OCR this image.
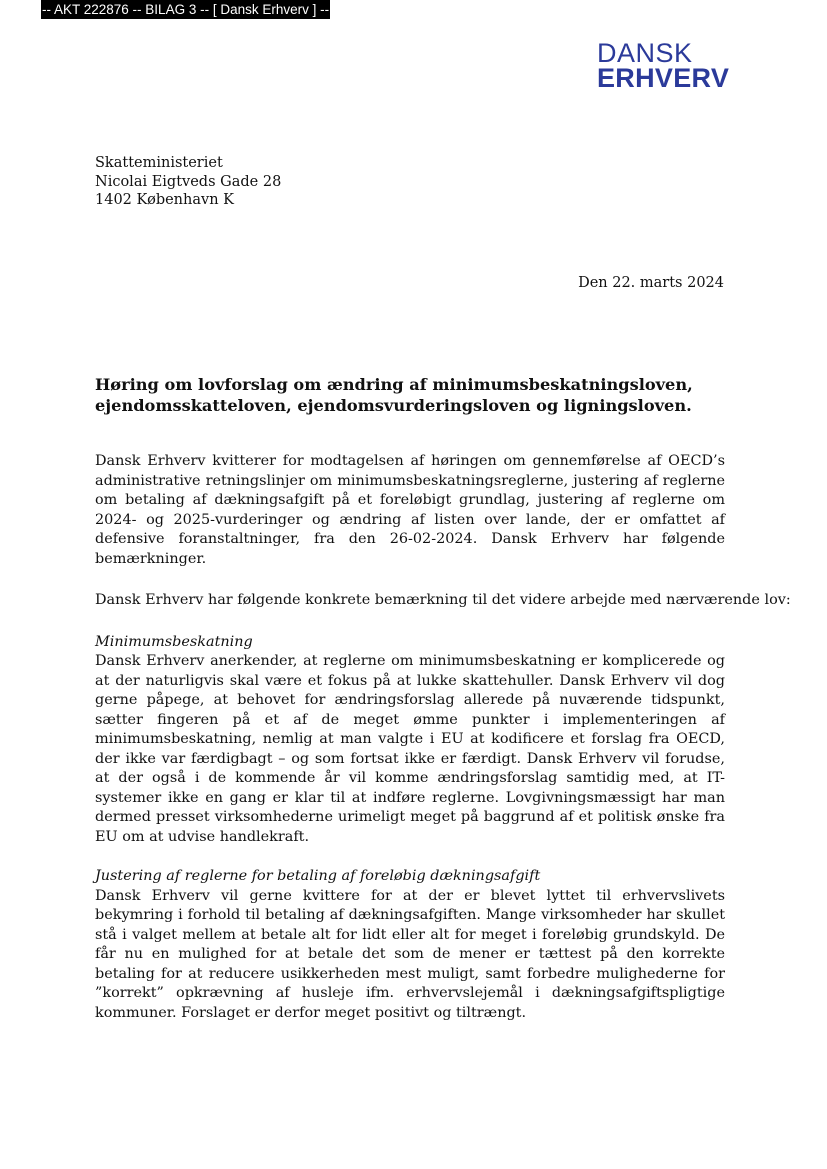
-- AKT 222876 -- BILAG 3 -- [ Dansk Erhverv ] --
DANSK
ERHVERV
Skatteministeriet
Nicolai Eigtveds Gade 28
1402 København K
Den 22. marts 2024
Høring om lovforslag om ændring af minimumsbeskatningsloven, ejendomsskatteloven, ejendomsvurderingsloven og ligningsloven.

Dansk Erhverv kvitterer for modtagelsen af høringen om gennemførelse af OECD’s administrative retningslinjer om minimumsbeskatningsreglerne, justering af reglerne om betaling af dækningsafgift på et foreløbigt grundlag, justering af reglerne om 2024- og 2025-vurderinger og ændring af listen over lande, der er omfattet af defensive foranstaltninger, fra den 26-02-2024. Dansk Erhverv har følgende bemærkninger.

Dansk Erhverv har følgende konkrete bemærkning til det videre arbejde med nærværende lov:

Minimumsbeskatning

Dansk Erhverv anerkender, at reglerne om minimumsbeskatning er komplicerede og at der naturligvis skal være et fokus på at lukke skattehuller. Dansk Erhverv vil dog gerne påpege, at behovet for ændringsforslag allerede på nuværende tidspunkt, sætter fingeren på et af de meget ømme punkter i implementeringen af minimumsbeskatning, nemlig at man valgte i EU at kodificere et forslag fra OECD, der ikke var færdigbagt – og som fortsat ikke er færdigt. Dansk Erhverv vil forudse, at der også i de kommende år vil komme ændringsforslag samtidig med, at IT-systemer ikke en gang er klar til at indføre reglerne. Lovgivningsmæssigt har man dermed presset virksomhederne urimeligt meget på baggrund af et politisk ønske fra EU om at udvise handlekraft.

Justering af reglerne for betaling af foreløbig dækningsafgift

Dansk Erhverv vil gerne kvittere for at der er blevet lyttet til erhvervslivets bekymring i forhold til betaling af dækningsafgiften. Mange virksomheder har skullet stå i valget mellem at betale alt for lidt eller alt for meget i foreløbig grundskyld. De får nu en mulighed for at betale det som de mener er tættest på den korrekte betaling for at reducere usikkerheden mest muligt, samt forbedre mulighederne for ”korrekt” opkrævning af husleje ifm. erhvervslejemål i dækningsafgiftspligtige kommuner. Forslaget er derfor meget positivt og tiltrængt.
